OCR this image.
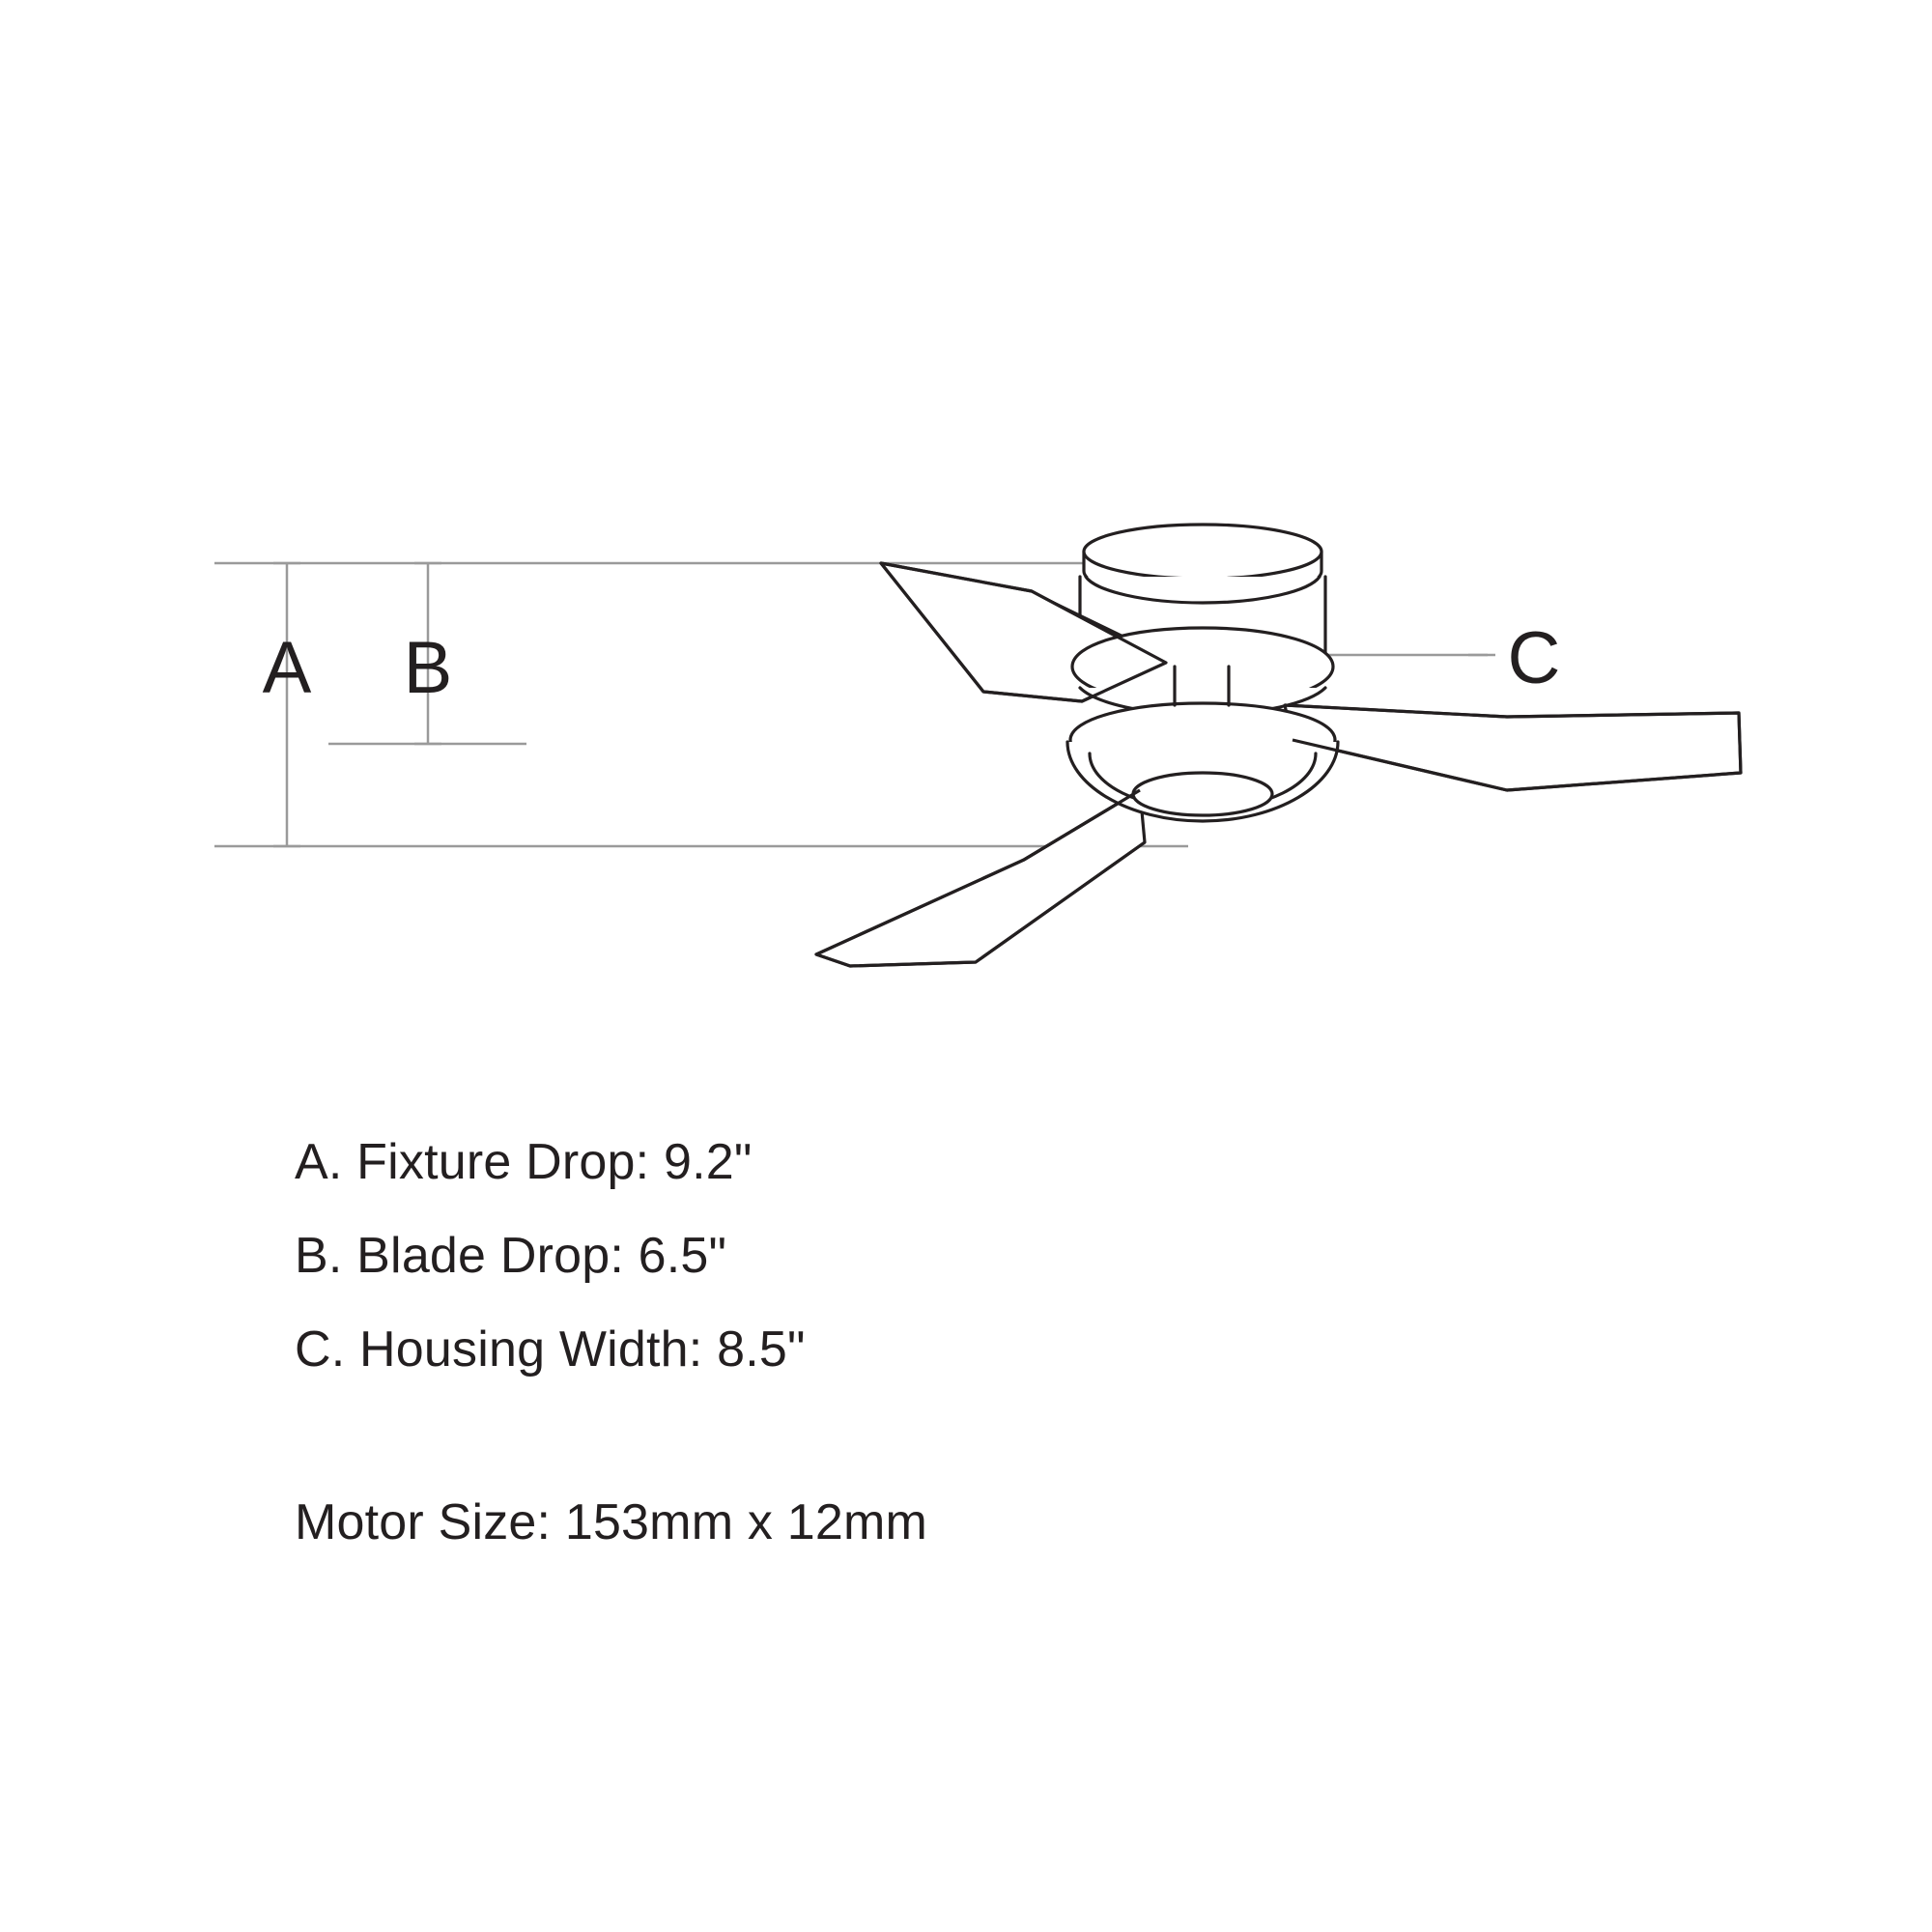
A B	C
A. Fixture Drop: 9.2"
B. Blade Drop: 6.5"
C. Housing Width: 8.5"
Motor Size: 153mm x 12mm
